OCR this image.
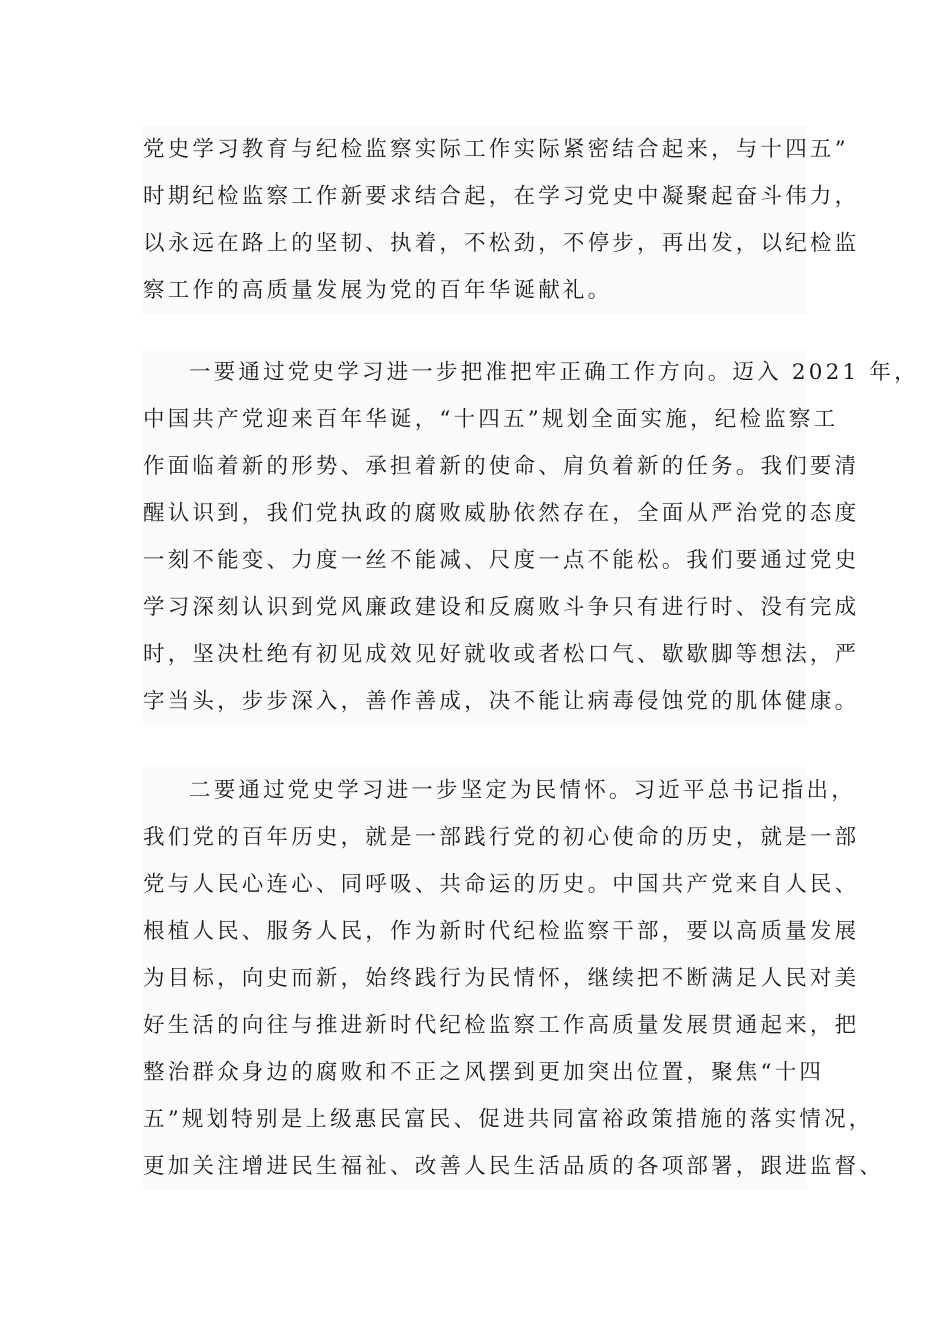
党史学习教育与纪检监察实际工作实际紧密结合起来，与十四五”
时期纪检监察工作新要求结合起，在学习党史中凝聚起奋斗伟力，
以永远在路上的坚韧、执着，不松劲，不停步，再出发，以纪检监
察工作的高质量发展为党的百年华诞献礼。
一要通过党史学习进一步把准把牢正确工作方向。迈入 2021 年，
中国共产党迎来百年华诞，“十四五”规划全面实施，纪检监察工
作面临着新的形势、承担着新的使命、肩负着新的任务。我们要清
醒认识到，我们党执政的腐败威胁依然存在，全面从严治党的态度
一刻不能变、力度一丝不能减、尺度一点不能松。我们要通过党史
学习深刻认识到党风廉政建设和反腐败斗争只有进行时、没有完成
时，坚决杜绝有初见成效见好就收或者松口气、歇歇脚等想法，严
字当头，步步深入，善作善成，决不能让病毒侵蚀党的肌体健康。
二要通过党史学习进一步坚定为民情怀。习近平总书记指出，
我们党的百年历史，就是一部践行党的初心使命的历史，就是一部
党与人民心连心、同呼吸、共命运的历史。中国共产党来自人民、
根植人民、服务人民，作为新时代纪检监察干部，要以高质量发展
为目标，向史而新，始终践行为民情怀，继续把不断满足人民对美
好生活的向往与推进新时代纪检监察工作高质量发展贯通起来，把
整治群众身边的腐败和不正之风摆到更加突出位置，聚焦“十四
五”规划特别是上级惠民富民、促进共同富裕政策措施的落实情况，
更加关注增进民生福祉、改善人民生活品质的各项部署，跟进监督、
